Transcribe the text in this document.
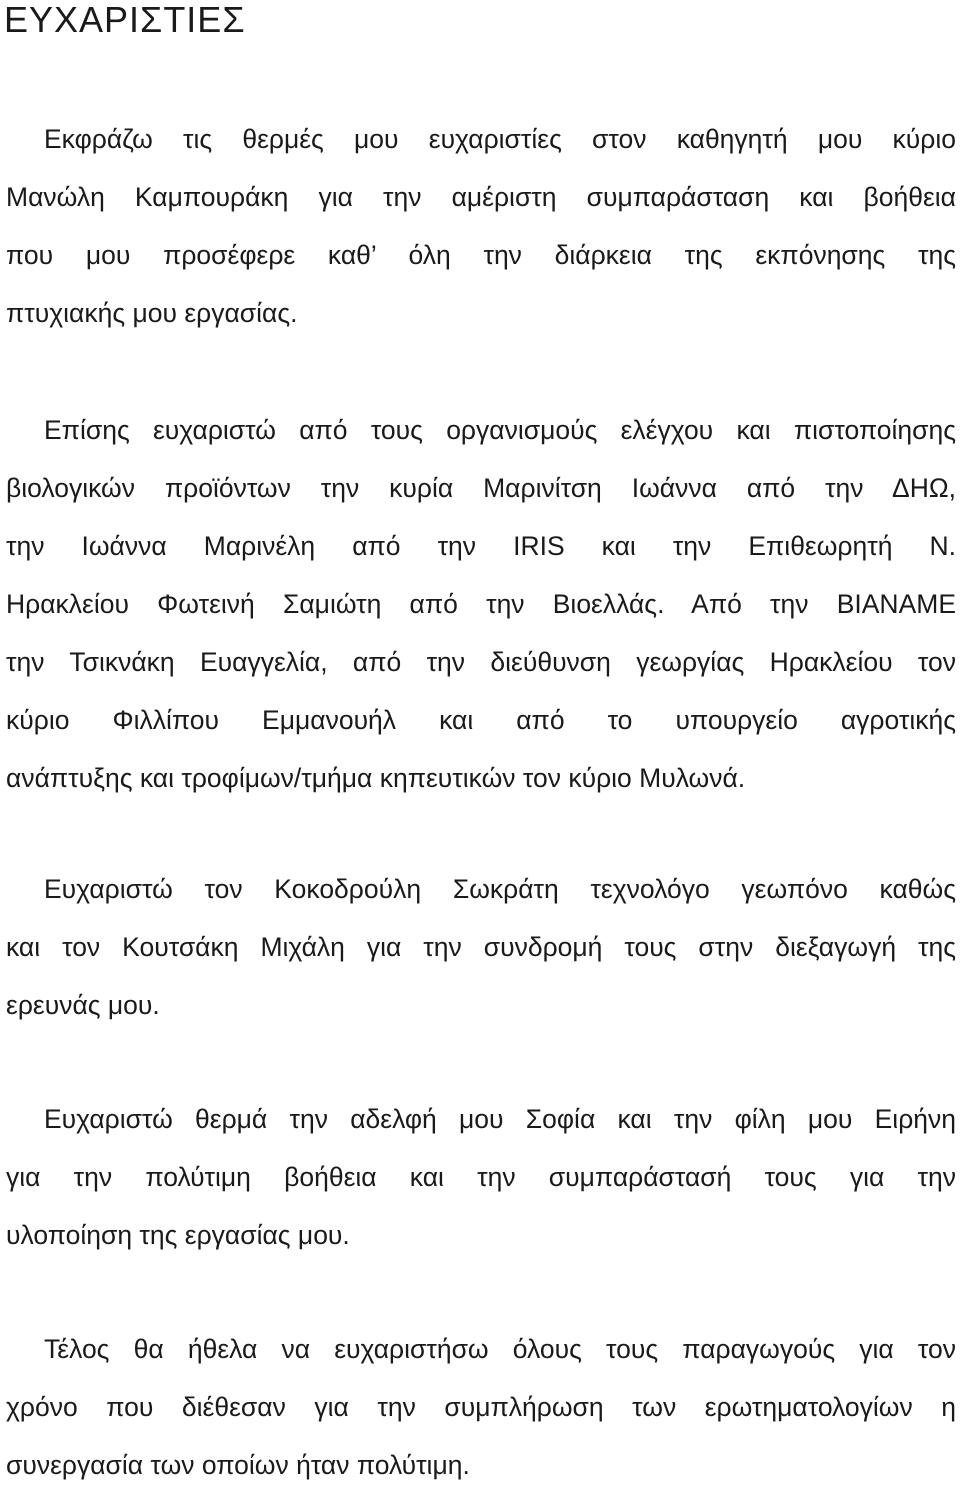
ΕΥΧΑΡΙΣΤΙΕΣ
Εκφράζω τις θερμές μου ευχαριστίες στον καθηγητή μου κύριο
Μανώλη Καμπουράκη για την αμέριστη συμπαράσταση και βοήθεια
που μου προσέφερε καθ’ όλη την διάρκεια της εκπόνησης της
πτυχιακής μου εργασίας.
Επίσης ευχαριστώ από τους οργανισμούς ελέγχου και πιστοποίησης
βιολογικών προϊόντων την κυρία Μαρινίτση Ιωάννα από την ΔΗΩ,
την Ιωάννα Μαρινέλη από την IRIS και την Επιθεωρητή Ν.
Ηρακλείου Φωτεινή Σαμιώτη από την Βιοελλάς. Από την ΒΙΑΝΑΜΕ
την Τσικνάκη Ευαγγελία, από την διεύθυνση γεωργίας Ηρακλείου τον
κύριο Φιλλίπου Εμμανουήλ και από το υπουργείο αγροτικής
ανάπτυξης και τροφίμων/τμήμα κηπευτικών τον κύριο Μυλωνά.
Ευχαριστώ τον Κοκοδρούλη Σωκράτη τεχνολόγο γεωπόνο καθώς
και τον Κουτσάκη Μιχάλη για την συνδρομή τους στην διεξαγωγή της
ερευνάς μου.
Ευχαριστώ θερμά την αδελφή μου Σοφία και την φίλη μου Ειρήνη
για την πολύτιμη βοήθεια και την συμπαράστασή τους για την
υλοποίηση της εργασίας μου.
Τέλος θα ήθελα να ευχαριστήσω όλους τους παραγωγούς για τον
χρόνο που διέθεσαν για την συμπλήρωση των ερωτηματολογίων η
συνεργασία των οποίων ήταν πολύτιμη.
